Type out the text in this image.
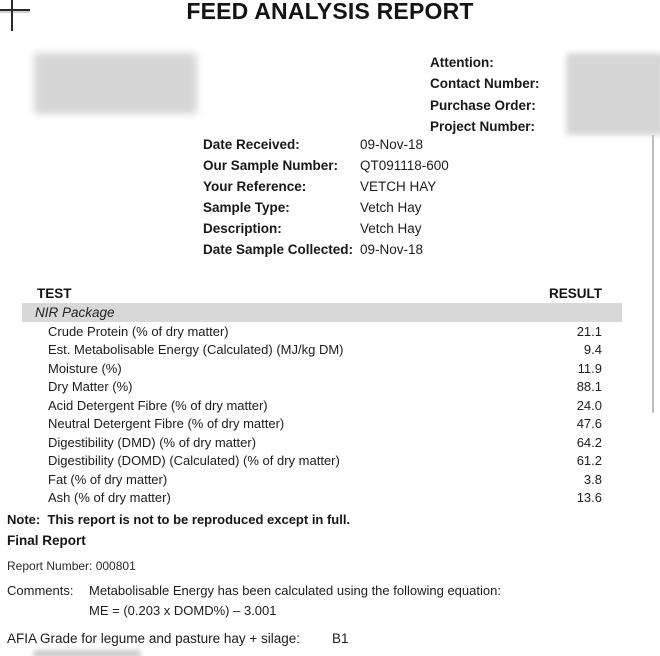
FEED ANALYSIS REPORT
Attention:
Contact Number:
Purchase Order:
Project Number:
Date Received:	09-Nov-18
Our Sample Number:	QT091118-600
Your Reference:	VETCH HAY
Sample Type:	Vetch Hay
Description:	Vetch Hay
Date Sample Collected: 09-Nov-18
TEST	RESULT
NIR Package
Crude Protein (% of dry matter)	21.1
Est. Metabolisable Energy (Calculated) (MJ/kg DM)	9.4
Moisture (%)	11.9
Dry Matter (%)	88.1
Acid Detergent Fibre (% of dry matter)	24.0
Neutral Detergent Fibre (% of dry matter)	47.6
Digestibility (DMD) (% of dry matter)	64.2
Digestibility (DOMD) (Calculated) (% of dry matter)	61.2
Fat (% of dry matter)	3.8
Ash (% of dry matter)	13.6
Note:  This report is not to be reproduced except in full.
Final Report
Report Number: 000801
Comments:	Metabolisable Energy has been calculated using the following equation:
ME = (0.203 x DOMD%) – 3.001
AFIA Grade for legume and pasture hay + silage: B1
